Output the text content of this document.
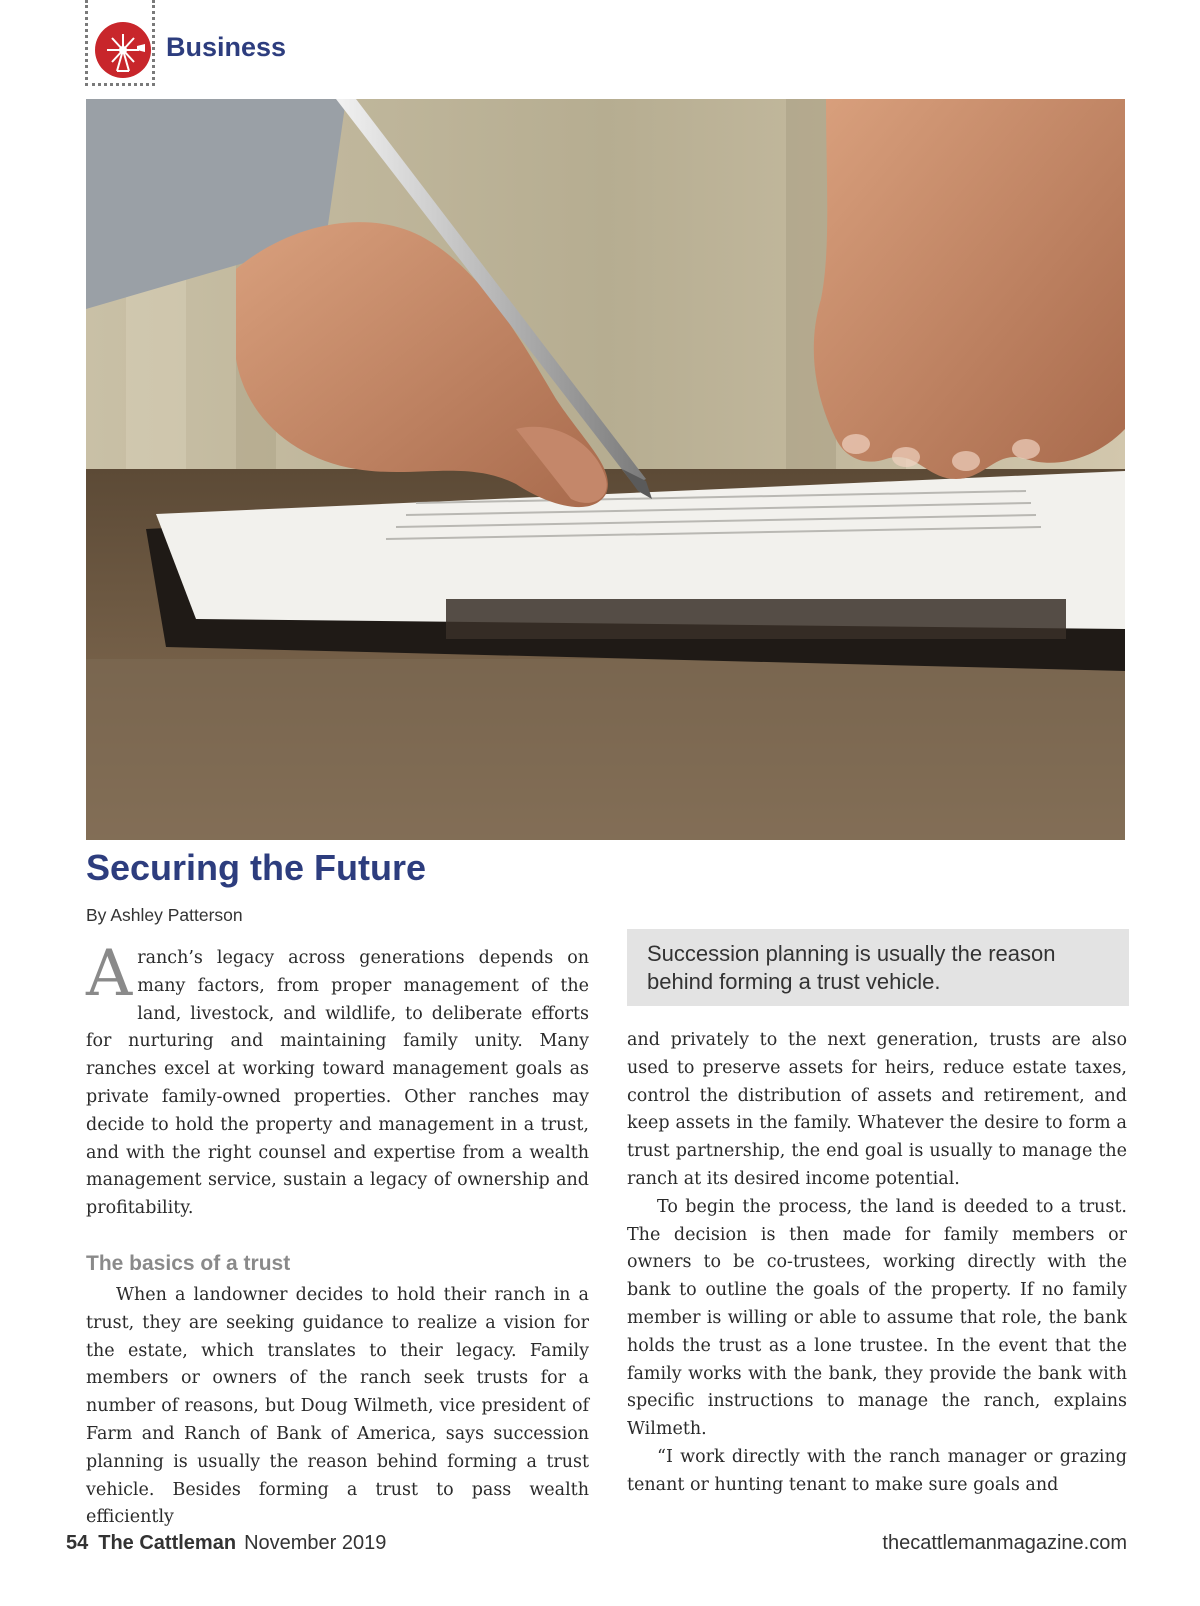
Business
Securing the Future
By Ashley Patterson

A ranch’s legacy across generations depends on many factors, from proper management of the land, livestock, and wildlife, to deliberate efforts for nurturing and maintaining family unity. Many ranches excel at working toward management goals as private family-owned properties. Other ranches may decide to hold the property and management in a trust, and with the right counsel and expertise from a wealth management service, sustain a legacy of ownership and profitability.

The basics of a trust

When a landowner decides to hold their ranch in a trust, they are seeking guidance to realize a vision for the estate, which translates to their legacy. Family members or owners of the ranch seek trusts for a number of reasons, but Doug Wilmeth, vice president of Farm and Ranch of Bank of America, says succession planning is usually the reason behind forming a trust vehicle. Besides forming a trust to pass wealth efficiently

Succession planning is usually the reason behind forming a trust vehicle.

and privately to the next generation, trusts are also used to preserve assets for heirs, reduce estate taxes, control the distribution of assets and retirement, and keep assets in the family. Whatever the desire to form a trust partnership, the end goal is usually to manage the ranch at its desired income potential.

To begin the process, the land is deeded to a trust. The decision is then made for family members or owners to be co-trustees, working directly with the bank to outline the goals of the property. If no family member is willing or able to assume that role, the bank holds the trust as a lone trustee. In the event that the family works with the bank, they provide the bank with specific instructions to manage the ranch, explains Wilmeth.

“I work directly with the ranch manager or grazing tenant or hunting tenant to make sure goals and

54 The Cattleman November 2019	thecattlemanmagazine.com
